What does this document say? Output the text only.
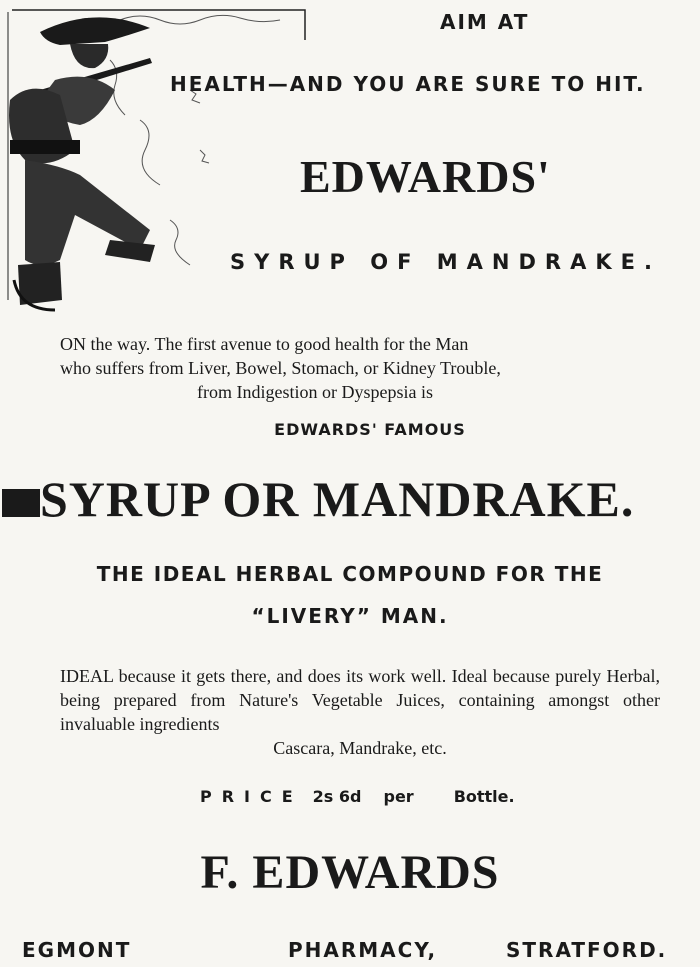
AIM AT
HEALTH—AND YOU ARE SURE TO HIT.
EDWARDS'
SYRUP OF MANDRAKE.
ON the way. The first avenue to good health for the Man
who suffers from Liver, Bowel, Stomach, or Kidney Trouble,
from Indigestion or Dyspepsia is
EDWARDS' FAMOUS
SYRUP OR MANDRAKE.
THE IDEAL HERBAL COMPOUND FOR THE
“LIVERY” MAN.
IDEAL because it gets there, and does its work well. Ideal because purely Herbal, being prepared from Nature's Vegetable Juices, containing amongst other invaluable ingredients
Cascara, Mandrake, etc.
PRICE 2s 6d per	Bottle.
F. EDWARDS
EGMONT	PHARMACY,	STRATFORD.
